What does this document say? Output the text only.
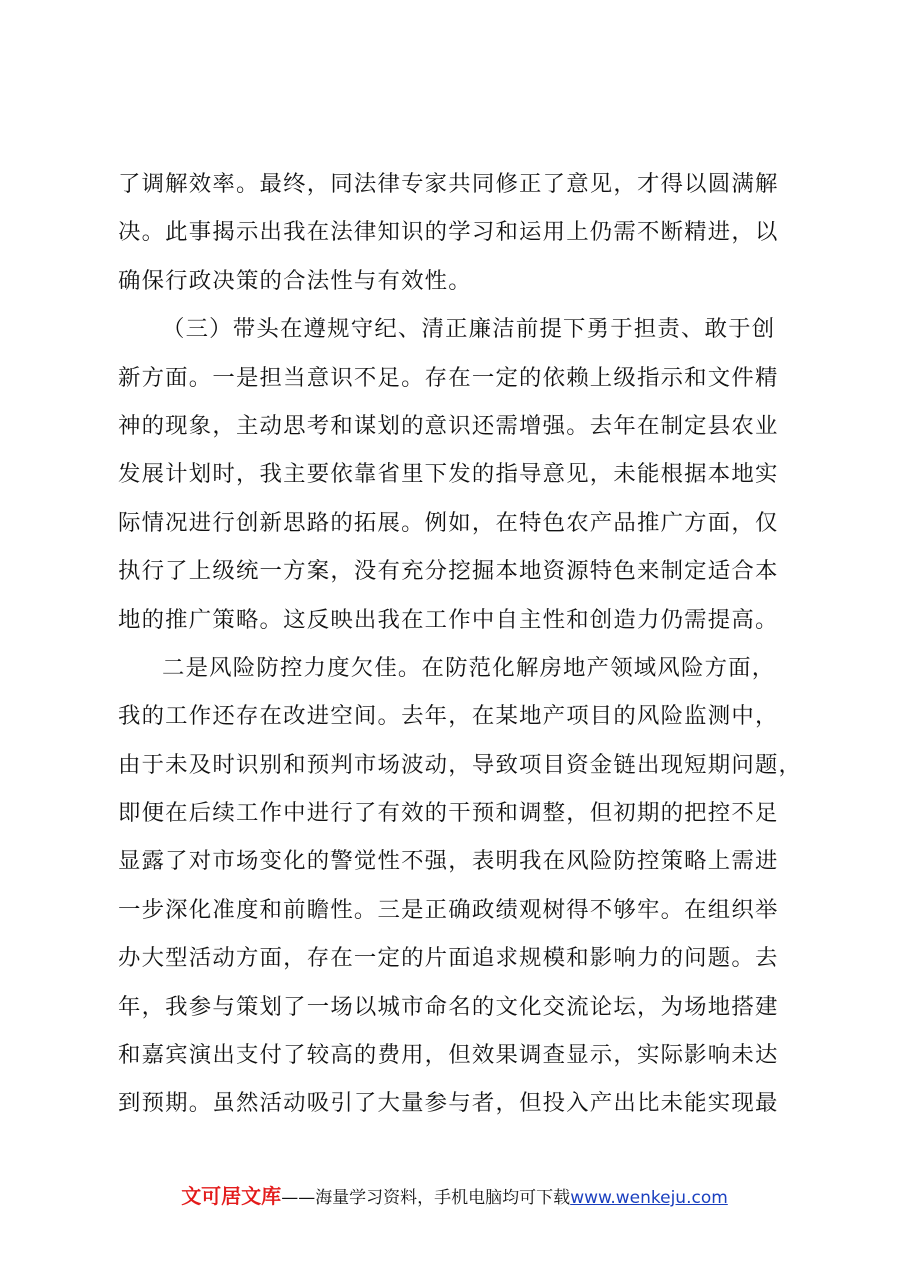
了调解效率。最终，同法律专家共同修正了意见，才得以圆满解
决。此事揭示出我在法律知识的学习和运用上仍需不断精进，以
确保行政决策的合法性与有效性。
（三）带头在遵规守纪、清正廉洁前提下勇于担责、敢于创
新方面。一是担当意识不足。存在一定的依赖上级指示和文件精
神的现象，主动思考和谋划的意识还需增强。去年在制定县农业
发展计划时，我主要依靠省里下发的指导意见，未能根据本地实
际情况进行创新思路的拓展。例如，在特色农产品推广方面，仅
执行了上级统一方案，没有充分挖掘本地资源特色来制定适合本
地的推广策略。这反映出我在工作中自主性和创造力仍需提高。
二是风险防控力度欠佳。在防范化解房地产领域风险方面，
我的工作还存在改进空间。去年，在某地产项目的风险监测中，
由于未及时识别和预判市场波动，导致项目资金链出现短期问题，
即便在后续工作中进行了有效的干预和调整，但初期的把控不足
显露了对市场变化的警觉性不强，表明我在风险防控策略上需进
一步深化准度和前瞻性。三是正确政绩观树得不够牢。在组织举
办大型活动方面，存在一定的片面追求规模和影响力的问题。去
年，我参与策划了一场以城市命名的文化交流论坛，为场地搭建
和嘉宾演出支付了较高的费用，但效果调查显示，实际影响未达
到预期。虽然活动吸引了大量参与者，但投入产出比未能实现最
文可居文库——海量学习资料，手机电脑均可下载www.wenkeju.com
